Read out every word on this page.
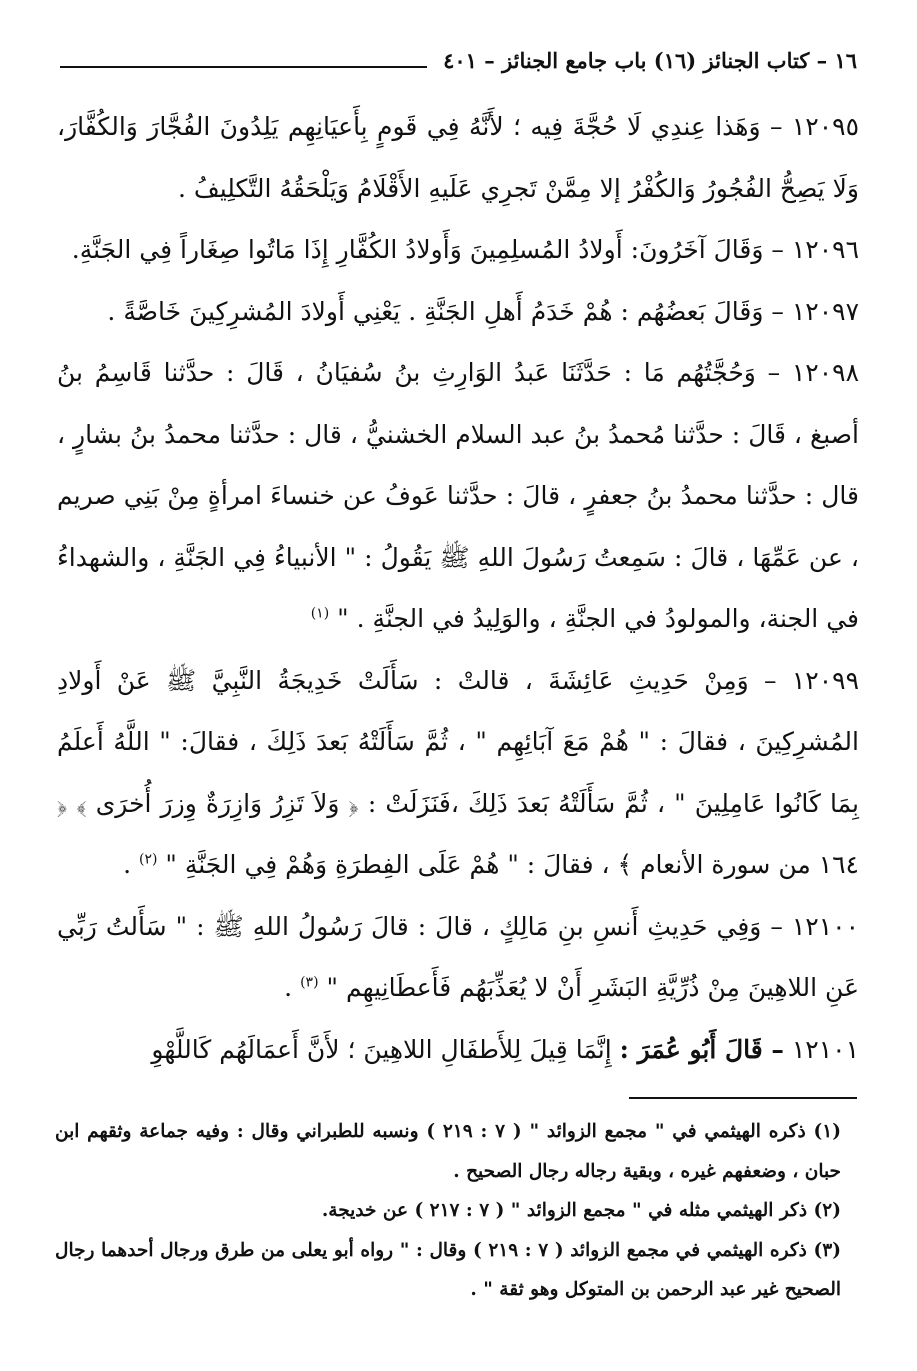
١٦ – كتاب الجنائز (١٦) باب جامع الجنائز – ٤٠١

١٢٠٩٥ – وَهَذا عِندِي لَا حُجَّةَ فِيه ؛ لأَنَّهُ فِي قَومٍ بِأَعيَانِهِم يَلِدُونَ الفُجَّارَ وَالكُفَّارَ، وَلَا يَصِحُّ الفُجُورُ وَالكُفْرُ إلا مِمَّنْ تَجرِي عَلَيهِ الأَقْلَامُ وَيَلْحَقُهُ التَّكلِيفُ .

١٢٠٩٦ – وَقَالَ آخَرُونَ: أَولادُ المُسلِمِينَ وَأَولادُ الكُفَّارِ إِذَا مَاتُوا صِغَاراً فِي الجَنَّةِ.

١٢٠٩٧ – وَقَالَ بَعضُهُم : هُمْ خَدَمُ أَهلِ الجَنَّةِ . يَعْنِي أَولادَ المُشرِكِينَ خَاصَّةً .

١٢٠٩٨ – وَحُجَّتُهُم مَا : حَدَّثَنَا عَبدُ الوَارِثِ بنُ سُفيَانُ ، قَالَ : حدَّثنا قَاسِمُ بنُ أصبغ ، قَالَ : حدَّثنا مُحمدُ بنُ عبد السلام الخشنيُّ ، قال : حدَّثنا محمدُ بنُ بشارٍ ، قال : حدَّثنا محمدُ بنُ جعفرٍ ، قالَ : حدَّثنا عَوفُ عن خنساءَ امرأةٍ مِنْ بَنِي صريم ، عن عَمِّهَا ، قالَ : سَمِعتُ رَسُولَ اللهِ ﷺ يَقُولُ : " الأنبياءُ فِي الجَنَّةِ ، والشهداءُ في الجنة، والمولودُ في الجنَّةِ ، والوَلِيدُ في الجنَّةِ . " $^{(١)}$

١٢٠٩٩ – وَمِنْ حَدِيثِ عَائِشَةَ ، قالتْ : سَأَلَتْ خَدِيجَةُ النَّبِيَّ ﷺ عَنْ أَولادِ المُشرِكِينَ ، فقالَ : " هُمْ مَعَ آبَائِهِم " ، ثُمَّ سَأَلَتْهُ بَعدَ ذَلِكَ ، فقالَ: " اللَّهُ أَعلَمُ بِمَا كَانُوا عَامِلِينَ " ، ثُمَّ سَأَلَتْهُ بَعدَ ذَلِكَ ،فَنَزَلَتْ : ﴿ وَلاَ تَزِرُ وَازِرَةٌ وِزرَ أُخرَى ﴾ ﴿ ١٦٤ من سورة الأنعام ﴾ ، فقالَ : " هُمْ عَلَى الفِطرَةِ وَهُمْ فِي الجَنَّةِ " $^{(٢)}$ .

١٢١٠٠ – وَفِي حَدِيثِ أَنسِ بنِ مَالِكٍ ، قالَ : قالَ رَسُولُ اللهِ ﷺ : " سَأَلتُ رَبِّي عَنِ اللاهِينَ مِنْ ذُرِّيَّةِ البَشَرِ أَنْ لا يُعَذِّبَهُم فَأَعطَانِيهِم " $^{(٣)}$ .

١٢١٠١ – قَالَ أَبُو عُمَرَ : إِنَّمَا قِيلَ لِلأَطفَالِ اللاهِينَ ؛ لأَنَّ أَعمَالَهُم كَاللَّهْوِ

(١) ذكره الهيثمي في " مجمع الزوائد " ( ٧ : ٢١٩ ) ونسبه للطبراني وقال : وفيه جماعة وثقهم ابن حبان ، وضعفهم غيره ، وبقية رجاله رجال الصحيح .

(٢) ذكر الهيثمي مثله في " مجمع الزوائد " ( ٧ : ٢١٧ ) عن خديجة.

(٣) ذكره الهيثمي في مجمع الزوائد ( ٧ : ٢١٩ ) وقال : " رواه أبو يعلى من طرق ورجال أحدهما رجال الصحيح غير عبد الرحمن بن المتوكل وهو ثقة " .
